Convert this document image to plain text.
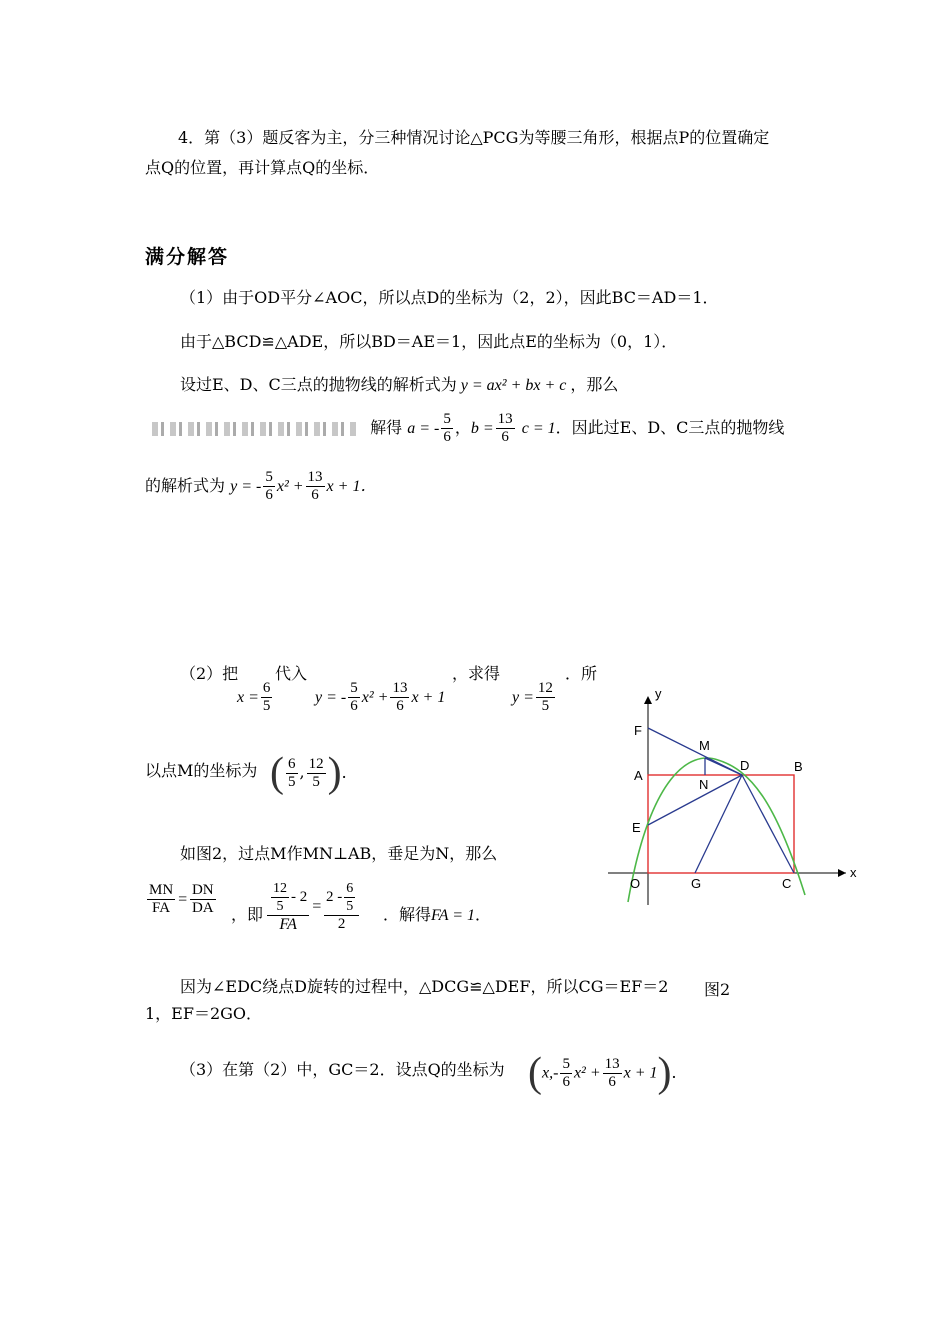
4．第（3）题反客为主，分三种情况讨论△PCG为等腰三角形，根据点P的位置确定
点Q的位置，再计算点Q的坐标．
满分解答
（1）由于OD平分∠AOC，所以点D的坐标为（2，2），因此BC＝AD＝1．
由于△BCD≌△ADE，所以BD＝AE＝1，因此点E的坐标为（0，1）．
设过E、D、C三点的抛物线的解析式为 y = ax² + bx + c ，那么
解得 a = - $\frac{5}{6}$ ，$b = \frac{13}{6}$ c = 1．因此过E、D、C三点的抛物线
的解析式为 y = - $\frac{5}{6} x^2 + \frac{13}{6}$ x + 1．
（2）把 代入	，求得	．所
$x = \frac{6}{5}$	y = - $\frac{5}{6} x^2 + \frac{13}{6}$ x + 1	$y = \frac{12}{5}$
以点M的坐标为 ( $\frac{6}{5}$ , $\frac{12}{5}$ )．
如图2，过点M作MN⊥AB，垂足为N，那么
$\frac{MN}{FA} = \frac{DN}{DA}$ ，即 $\frac{\frac{12}{5} - 2}{FA} = \frac{2 - \frac{6}{5}}{2}$ ．解得FA = 1．
因为∠EDC绕点D旋转的过程中，△DCG≌△DEF，所以CG＝EF＝2
1，EF＝2GO．
（3）在第（2）中，GC＝2．设点Q的坐标为 ($x,- \frac{5}{6} x^2 + \frac{13}{6}$ x + 1)．
y
x
F
M
A
N
D	B
E
O	G	C
图2
